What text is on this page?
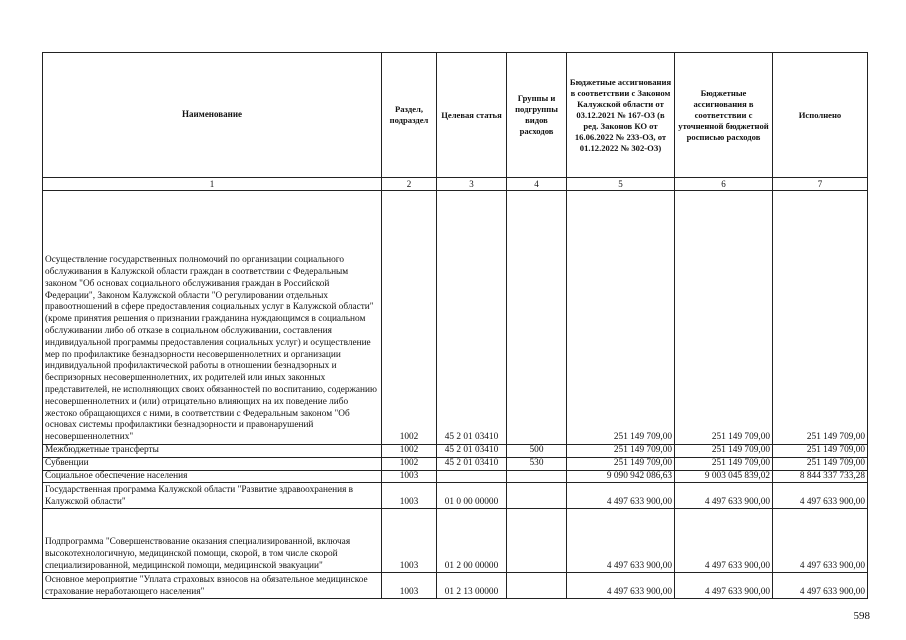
Наименование	Раздел, подраздел	Целевая статья	Группы и подгруппы видов расходов	Бюджетные ассигнования в соответствии с Законом Калужской области от 03.12.2021 № 167-ОЗ (в ред. Законов КО от 16.06.2022 № 233-ОЗ, от 01.12.2022 № 302-ОЗ)	Бюджетные ассигнования в соответствии с уточненной бюджетной росписью расходов	Исполнено
1	2	3	4	5	6	7
Осуществление государственных полномочий по организации социального обслуживания в Калужской области граждан в соответствии с Федеральным законом "Об основах социального обслуживания граждан в Российской Федерации", Законом Калужской области "О регулировании отдельных правоотношений в сфере предоставления социальных услуг в Калужской области" (кроме принятия решения о признании гражданина нуждающимся в социальном обслуживании либо об отказе в социальном обслуживании, составления индивидуальной программы предоставления социальных услуг) и осуществление мер по профилактике безнадзорности несовершеннолетних и организации индивидуальной профилактической работы в отношении безнадзорных и беспризорных несовершеннолетних, их родителей или иных законных представителей, не исполняющих своих обязанностей по воспитанию, содержанию несовершеннолетних и (или) отрицательно влияющих на их поведение либо жестоко обращающихся с ними, в соответствии с Федеральным законом "Об основах системы профилактики безнадзорности и правонарушений несовершеннолетних"	1002	45 2 01 03410		251 149 709,00	251 149 709,00	251 149 709,00
Межбюджетные трансферты	1002	45 2 01 03410	500	251 149 709,00	251 149 709,00	251 149 709,00
Субвенции	1002	45 2 01 03410	530	251 149 709,00	251 149 709,00	251 149 709,00
Социальное обеспечение населения	1003			9 090 942 086,63	9 003 045 839,02	8 844 337 733,28
Государственная программа Калужской области "Развитие здравоохранения в Калужской области"	1003	01 0 00 00000		4 497 633 900,00	4 497 633 900,00	4 497 633 900,00
Подпрограмма "Совершенствование оказания специализированной, включая высокотехнологичную, медицинской помощи, скорой, в том числе скорой специализированной, медицинской помощи, медицинской эвакуации"	1003	01 2 00 00000		4 497 633 900,00	4 497 633 900,00	4 497 633 900,00
Основное мероприятие "Уплата страховых взносов на обязательное медицинское страхование неработающего населения"	1003	01 2 13 00000		4 497 633 900,00	4 497 633 900,00	4 497 633 900,00
598
